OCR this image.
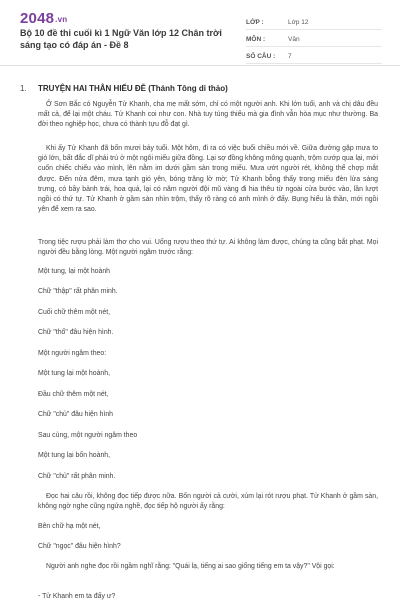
2048.vn
Bộ 10 đề thi cuối kì 1 Ngữ Văn lớp 12 Chân trời sáng tạo có đáp án - Đề 8
LỚP :	Lớp 12
MÔN :	Văn
SỐ CÂU :	7
1. TRUYỆN HAI THÂN HIẾU ĐỄ (Thánh Tông di thảo)
Ở Sơn Bắc có Nguyễn Tử Khanh, cha mẹ mất sớm, chỉ có một người anh. Khi lớn tuổi, anh và chị dâu đều mất cả, để lại một cháu. Tử Khanh coi như con. Nhà tuy túng thiếu mà gia đình vẫn hòa mục như thường. Ba đời theo nghiệp học, chưa có thành tựu đỗ đạt gì.
Khi ấy Tử Khanh đã bốn mươi bảy tuổi. Một hôm, đi ra có việc buổi chiều mới về. Giữa đường gặp mưa to gió lớn, bất đắc dĩ phải trú ở một ngôi miếu giữa đồng. Lại sợ đồng không mông quạnh, trộm cướp qua lại, mới cuốn chiếc chiếu vào mình, lên nằm im dưới gầm sàn trong miếu. Mưa ướt người rét, không thể chợp mắt được. Đến nửa đêm, mưa tạnh gió yên, bóng trăng lờ mờ; Tử Khanh bỗng thấy trong miếu đèn lửa sáng trưng, có bầy bảnh trái, hoa quả, lại có năm người đội mũ vàng đi hia thêu từ ngoài cửa bước vào, lần lượt ngồi có thứ tự. Tử Khanh ở gầm sàn nhìn trộm, thấy rõ ràng có anh mình ở đấy. Bụng hiểu là thần, mới ngồi yên để xem ra sao.
Trong tiệc rượu phải làm thơ cho vui. Uống rượu theo thứ tự. Ai không làm được, chúng ta cũng bắt phạt. Mọi người đều bằng lòng. Một người ngâm trước rằng:
Một tung, lại một hoành
Chữ "thập" rất phân minh.
Cuối chữ thêm một nét,
Chữ "thổ" đâu hiện hình.
Một người ngâm theo:
Một tung lại một hoành,
Đầu chữ thêm một nét,
Chữ "chủ" đâu hiện hình
Sau cùng, một người ngâm theo
Một tung lại bốn hoành,
Chữ "chủ" rất phân minh.
Đọc hai câu rồi, không đọc tiếp được nữa. Bốn người cả cười, xúm lại rót rượu phạt. Tử Khanh ở gầm sàn, không ngờ nghe cũng ngứa nghề, đọc tiếp hộ người ấy rằng:
Bên chữ hạ một nét,
Chữ "ngọc" đâu hiện hình?
Người anh nghe đọc rồi ngầm nghĩ rằng: "Quái lạ, tiếng ai sao giống tiếng em ta vậy?" Vội gọi:
- Tử Khanh em ta đấy ư?
